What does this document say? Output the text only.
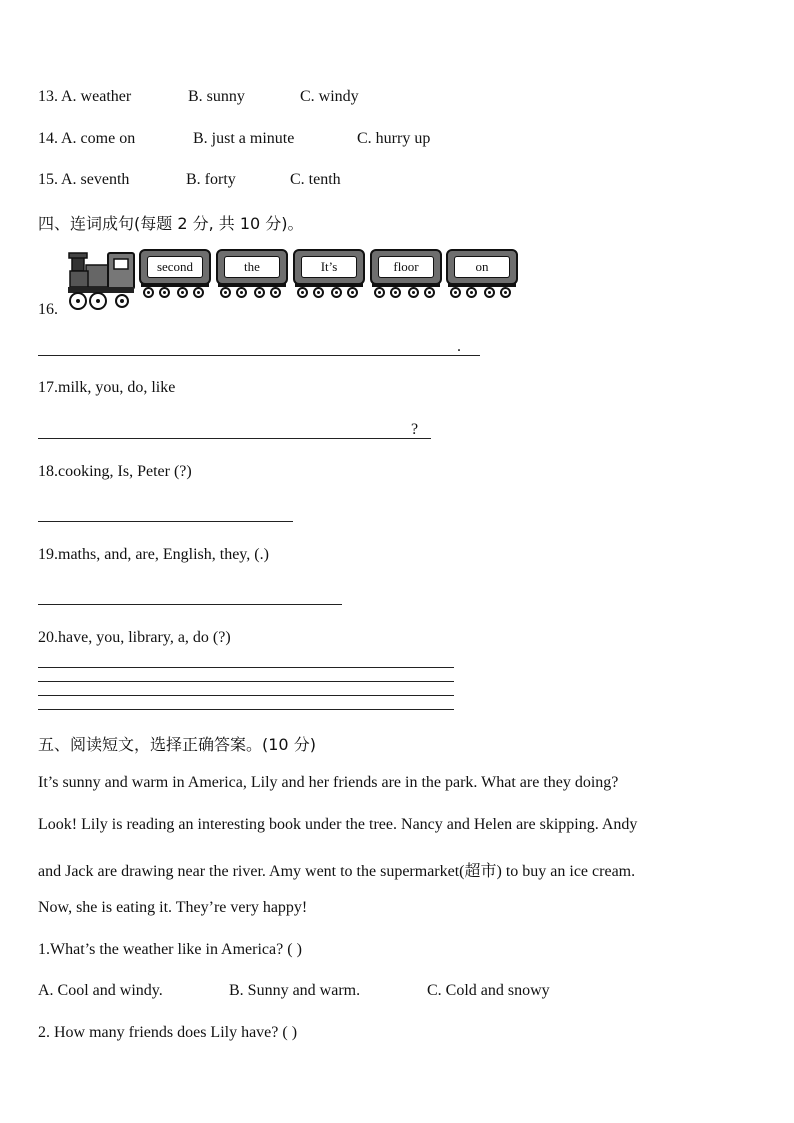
13. A. weather	B. sunny	C. windy
14. A. come on	B. just a minute	C. hurry up
15. A. seventh	B. forty	C. tenth
四、连词成句(每题 2 分, 共 10 分)。
second	the	It’s	floor	on
16.
.
17.milk, you, do, like
?
18.cooking, Is, Peter (?)
19.maths, and, are, English, they, (.)
20.have, you, library, a, do (?)
五、阅读短文，选择正确答案。(10 分)
It’s sunny and warm in America, Lily and her friends are in the park. What are they doing?
Look! Lily is reading an interesting book under the tree. Nancy and Helen are skipping. Andy
and Jack are drawing near the river. Amy went to the supermarket(超市) to buy an ice cream.
Now, she is eating it. They’re very happy!
1.What’s the weather like in America? ( )
A. Cool and windy.	B. Sunny and warm.	C. Cold and snowy
2. How many friends does Lily have? ( )
